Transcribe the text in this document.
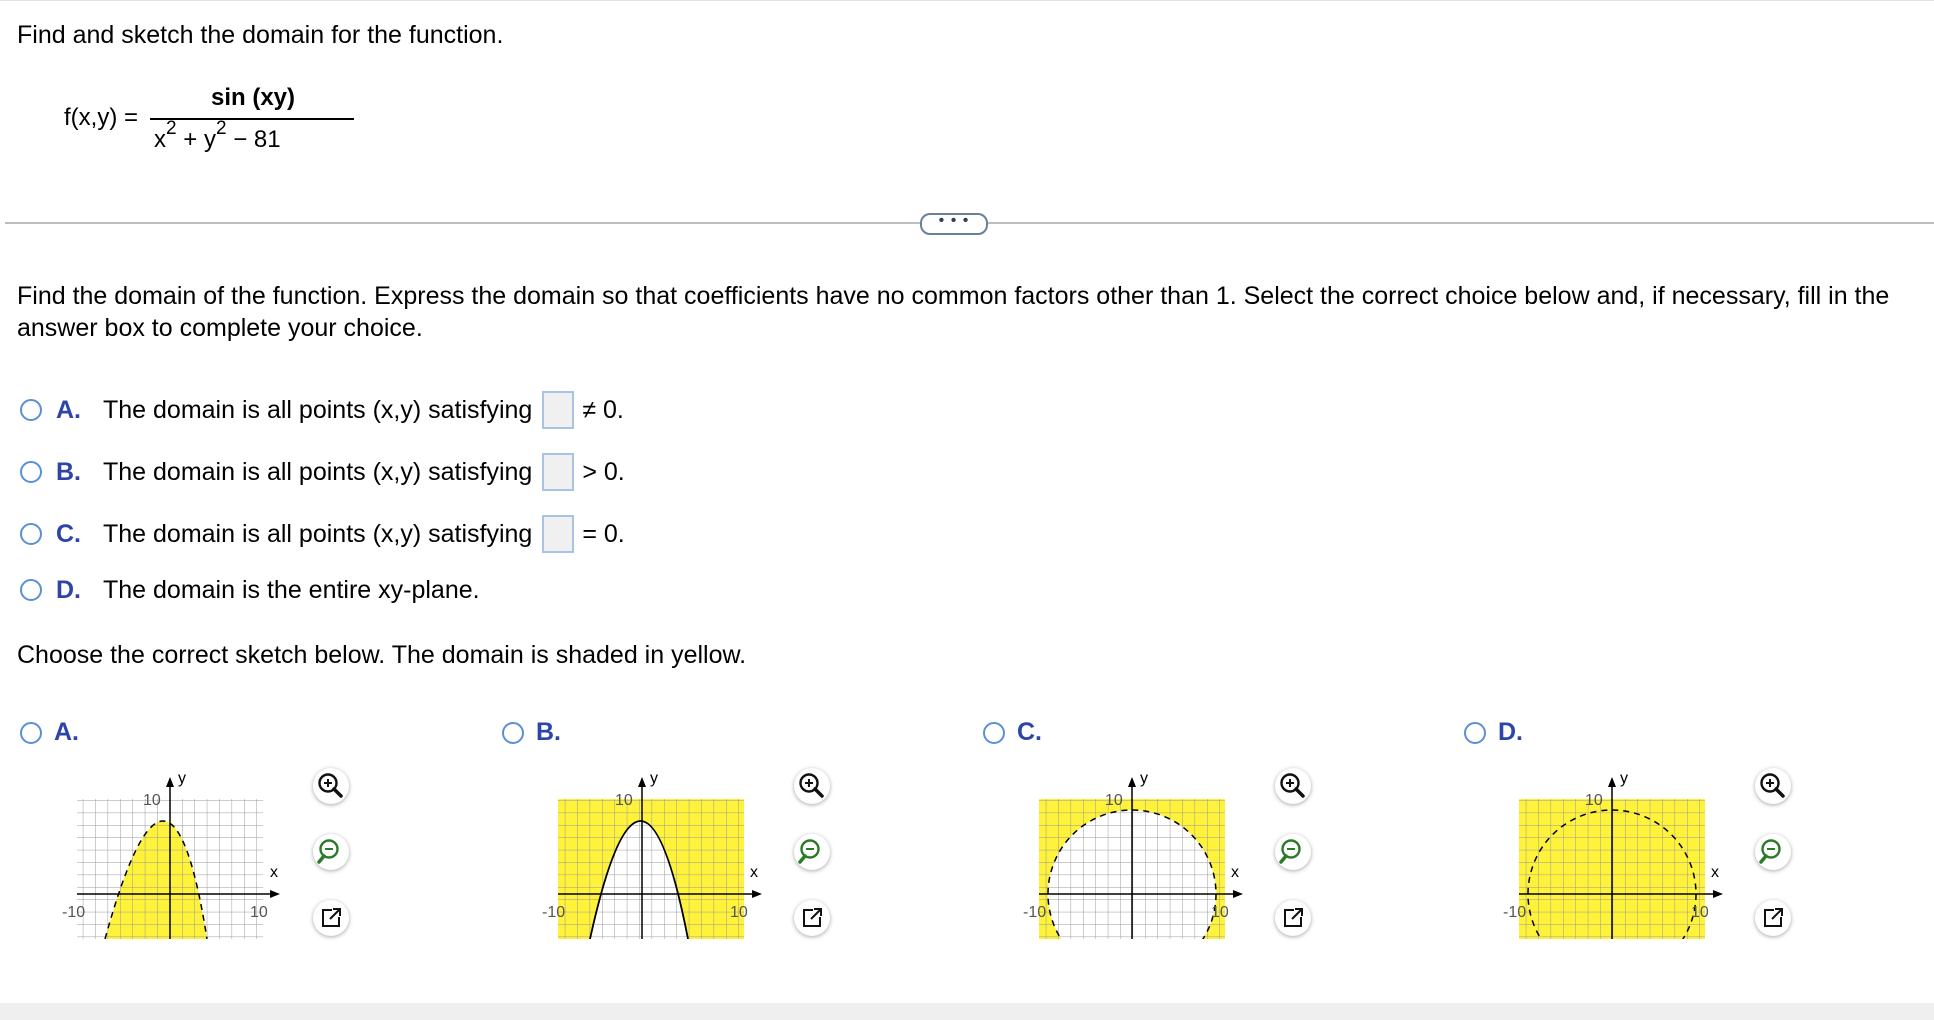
Find and sketch the domain for the function.
f(x,y) =
sin (xy)
$x^2 + y^2 - 81$
• • •
Find the domain of the function. Express the domain so that coefficients have no common factors other than 1. Select the correct choice below and, if necessary, fill in the answer box to complete your choice.
A. The domain is all points (x,y) satisfying ≠ 0.
B. The domain is all points (x,y) satisfying > 0.
C. The domain is all points (x,y) satisfying = 0.
D. The domain is the entire xy-plane.
Choose the correct sketch below. The domain is shaded in yellow.
A.	B.	C.	D.
y
10
x
-10	10
y
10
x
-10	10
y
10
x
-10	10
y
10
x
-10	10
